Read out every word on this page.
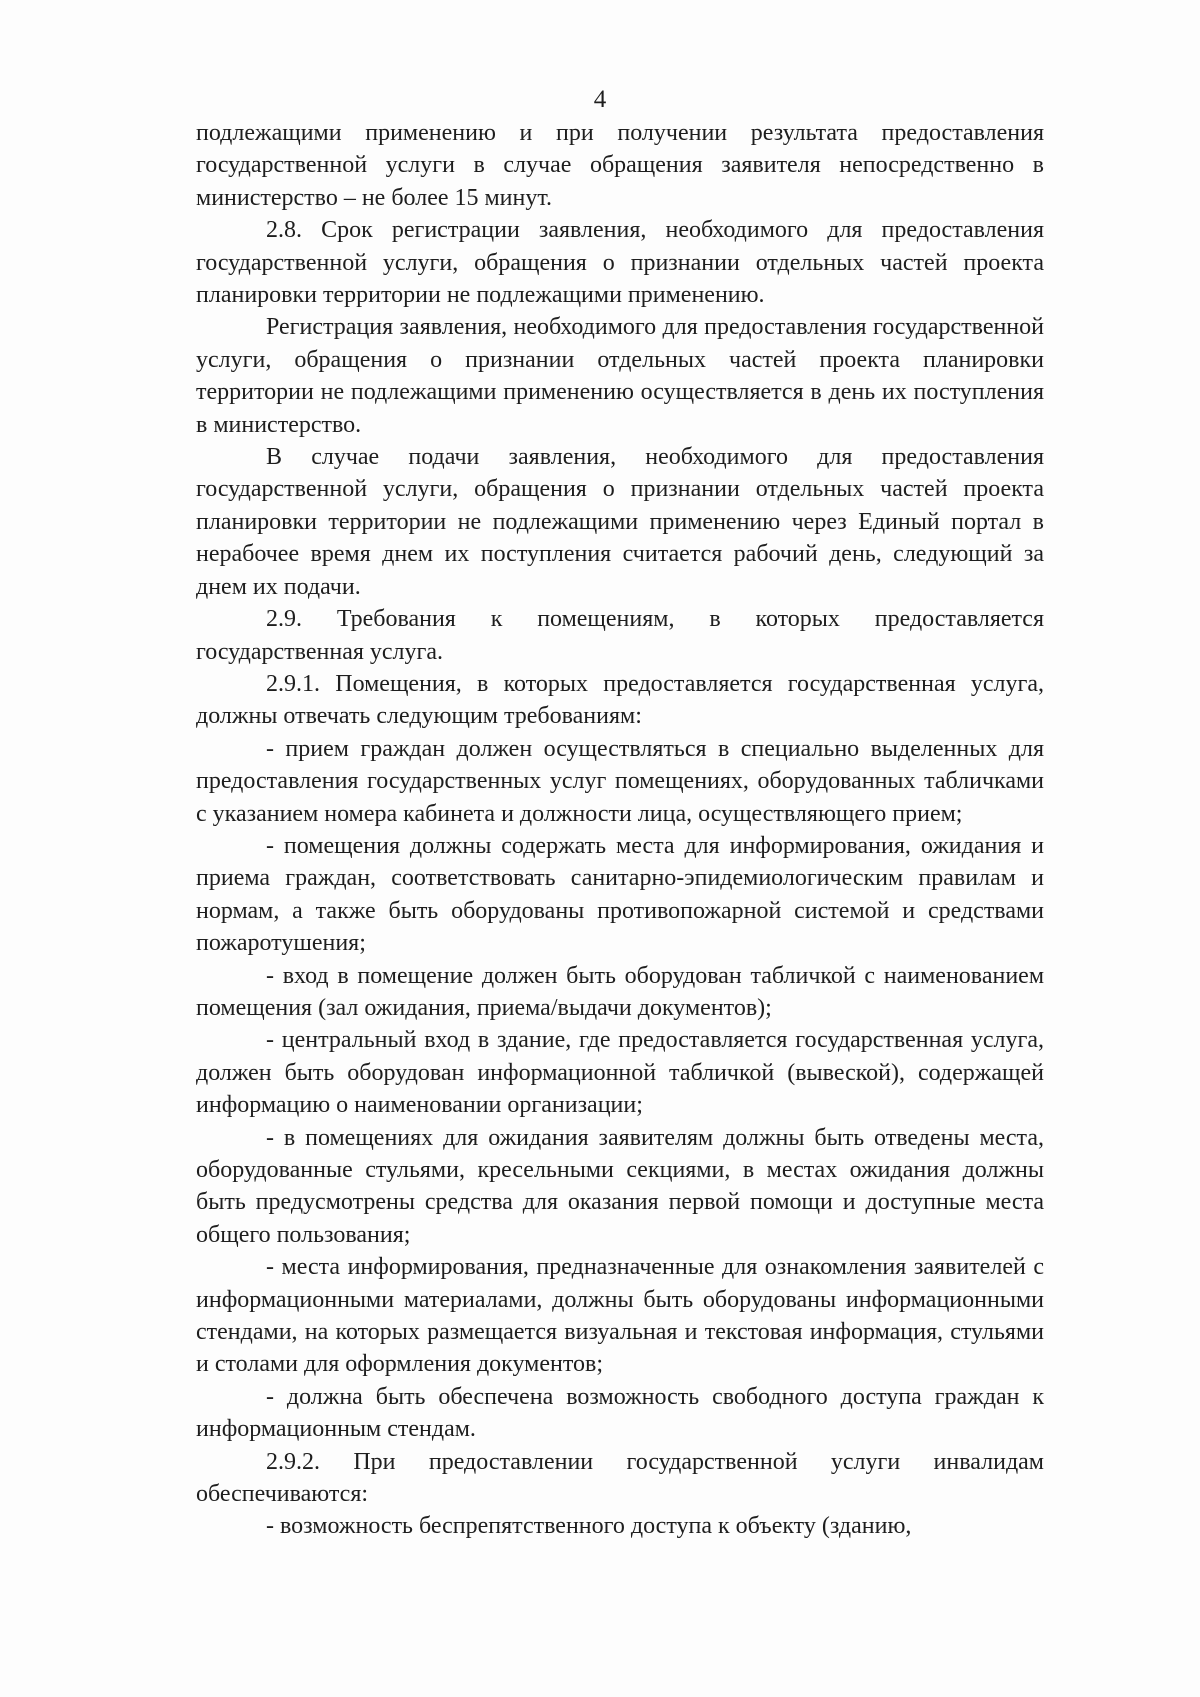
4

подлежащими применению и при получении результата предоставления государственной услуги в случае обращения заявителя непосредственно в министерство – не более 15 минут.

2.8. Срок регистрации заявления, необходимого для предоставления государственной услуги, обращения о признании отдельных частей проекта планировки территории не подлежащими применению.

Регистрация заявления, необходимого для предоставления государственной услуги, обращения о признании отдельных частей проекта планировки территории не подлежащими применению осуществляется в день их поступления в министерство.

В случае подачи заявления, необходимого для предоставления государственной услуги, обращения о признании отдельных частей проекта планировки территории не подлежащими применению через Единый портал в нерабочее время днем их поступления считается рабочий день, следующий за днем их подачи.

2.9. Требования к помещениям, в которых предоставляется государственная услуга.

2.9.1. Помещения, в которых предоставляется государственная услуга, должны отвечать следующим требованиям:

- прием граждан должен осуществляться в специально выделенных для предоставления государственных услуг помещениях, оборудованных табличками с указанием номера кабинета и должности лица, осуществляющего прием;

- помещения должны содержать места для информирования, ожидания и приема граждан, соответствовать санитарно-эпидемиологическим правилам и нормам, а также быть оборудованы противопожарной системой и средствами пожаротушения;

- вход в помещение должен быть оборудован табличкой с наименованием помещения (зал ожидания, приема/выдачи документов);

- центральный вход в здание, где предоставляется государственная услуга, должен быть оборудован информационной табличкой (вывеской), содержащей информацию о наименовании организации;

- в помещениях для ожидания заявителям должны быть отведены места, оборудованные стульями, кресельными секциями, в местах ожидания должны быть предусмотрены средства для оказания первой помощи и доступные места общего пользования;

- места информирования, предназначенные для ознакомления заявителей с информационными материалами, должны быть оборудованы информационными стендами, на которых размещается визуальная и текстовая информация, стульями и столами для оформления документов;

- должна быть обеспечена возможность свободного доступа граждан к информационным стендам.

2.9.2. При предоставлении государственной услуги инвалидам обеспечиваются:

- возможность беспрепятственного доступа к объекту (зданию,
